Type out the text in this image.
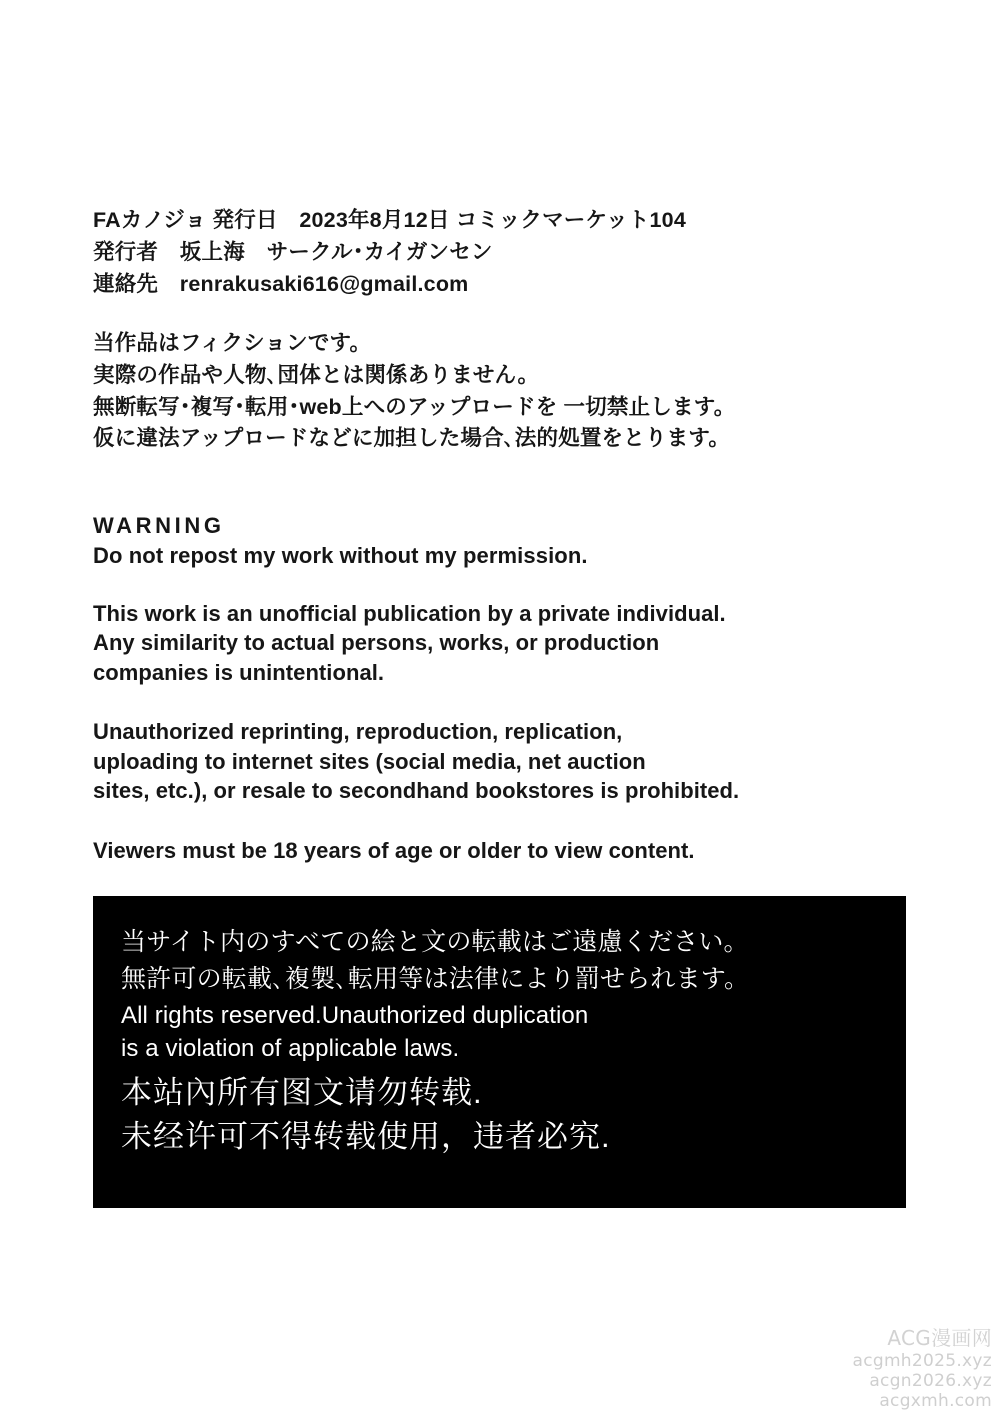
FAカノジョ 発行日　2023年8月12日 コミックマーケット104
発行者　坂上海　サークル･カイガンセン
連絡先　renrakusaki616@gmail.com
当作品はフィクションです。
実際の作品や人物､団体とは関係ありません。
無断転写･複写･転用･web上へのアップロードを 一切禁止します。
仮に違法アップロードなどに加担した場合､法的処置をとります。
WARNING
Do not repost my work without my permission.
This work is an unofficial publication by a private individual.
Any similarity to actual persons, works, or production
companies is unintentional.
Unauthorized reprinting, reproduction, replication,
uploading to internet sites (social media, net auction
sites, etc.), or resale to secondhand bookstores is prohibited.
Viewers must be 18 years of age or older to view content.
当サイト内のすべての絵と文の転載はご遠慮ください。
無許可の転載､複製､転用等は法律により罰せられます。
All rights reserved.Unauthorized duplication
is a violation of applicable laws.
本站內所有图文请勿转载.
未经许可不得转载使用，违者必究.
ACG漫画网
acgmh2025.xyz
acgn2026.xyz
acgxmh.com
